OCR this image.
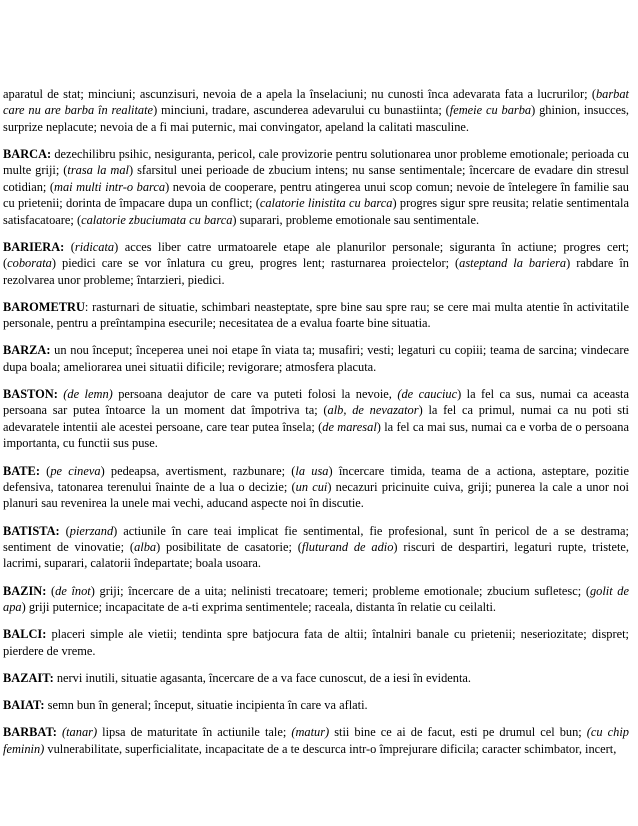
aparatul de stat; minciuni; ascunzisuri, nevoia de a apela la înselaciuni; nu cunosti înca adevarata fata a lucrurilor; (barbat care nu are barba în realitate) minciuni, tradare, ascunderea adevarului cu bunastiinta; (femeie cu barba) ghinion, insucces, surprize neplacute; nevoia de a fi mai puternic, mai convingator, apeland la calitati masculine.

BARCA: dezechilibru psihic, nesiguranta, pericol, cale provizorie pentru solutionarea unor probleme emotionale; perioada cu multe griji; (trasa la mal) sfarsitul unei perioade de zbucium intens; nu sanse sentimentale; încercare de evadare din stresul cotidian; (mai multi intr-o barca) nevoia de cooperare, pentru atingerea unui scop comun; nevoie de întelegere în familie sau cu prietenii; dorinta de împacare dupa un conflict; (calatorie linistita cu barca) progres sigur spre reusita; relatie sentimentala satisfacatoare; (calatorie zbuciumata cu barca) suparari, probleme emotionale sau sentimentale.

BARIERA: (ridicata) acces liber catre urmatoarele etape ale planurilor personale; siguranta în actiune; progres cert; (coborata) piedici care se vor înlatura cu greu, progres lent; rasturnarea proiectelor; (asteptand la bariera) rabdare în rezolvarea unor probleme; întarzieri, piedici.

BAROMETRU: rasturnari de situatie, schimbari neasteptate, spre bine sau spre rau; se cere mai multa atentie în activitatile personale, pentru a preîntampina esecurile; necesitatea de a evalua foarte bine situatia.

BARZA: un nou început; începerea unei noi etape în viata ta; musafiri; vesti; legaturi cu copiii; teama de sarcina; vindecare dupa boala; ameliorarea unei situatii dificile; revigorare; atmosfera placuta.

BASTON: (de lemn) persoana deajutor de care va puteti folosi la nevoie, (de cauciuc) la fel ca sus, numai ca aceasta persoana sar putea întoarce la un moment dat împotriva ta; (alb, de nevazator) la fel ca primul, numai ca nu poti sti adevaratele intentii ale acestei persoane, care tear putea însela; (de maresal) la fel ca mai sus, numai ca e vorba de o persoana importanta, cu functii sus puse.

BATE: (pe cineva) pedeapsa, avertisment, razbunare; (la usa) încercare timida, teama de a actiona, asteptare, pozitie defensiva, tatonarea terenului înainte de a lua o decizie; (un cui) necazuri pricinuite cuiva, griji; punerea la cale a unor noi planuri sau revenirea la unele mai vechi, aducand aspecte noi în discutie.

BATISTA: (pierzand) actiunile în care teai implicat fie sentimental, fie profesional, sunt în pericol de a se destrama; sentiment de vinovatie; (alba) posibilitate de casatorie; (fluturand de adio) riscuri de despartiri, legaturi rupte, tristete, lacrimi, suparari, calatorii îndepartate; boala usoara.

BAZIN: (de înot) griji; încercare de a uita; nelinisti trecatoare; temeri; probleme emotionale; zbucium sufletesc; (golit de apa) griji puternice; incapacitate de a-ti exprima sentimentele; raceala, distanta în relatie cu ceilalti.

BALCI: placeri simple ale vietii; tendinta spre batjocura fata de altii; întalniri banale cu prietenii; neseriozitate; dispret; pierdere de vreme.

BAZAIT: nervi inutili, situatie agasanta, încercare de a va face cunoscut, de a iesi în evidenta.

BAIAT: semn bun în general; început, situatie incipienta în care va aflati.

BARBAT: (tanar) lipsa de maturitate în actiunile tale; (matur) stii bine ce ai de facut, esti pe drumul cel bun; (cu chip feminin) vulnerabilitate, superficialitate, incapacitate de a te descurca intr-o împrejurare dificila; caracter schimbator, incert,
